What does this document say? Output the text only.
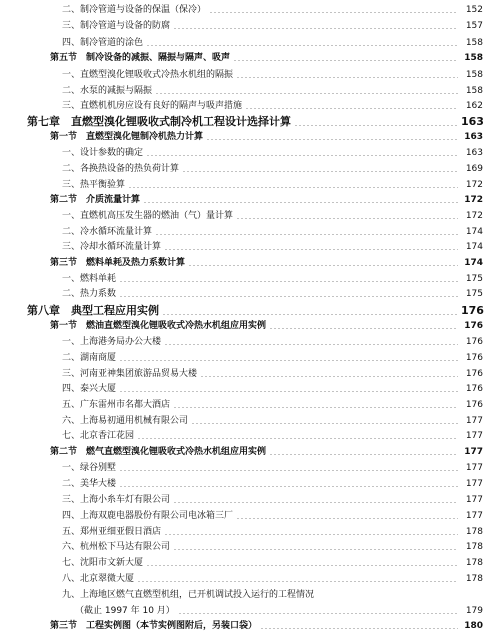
二、制冷管道与设备的保温（保冷）	152
三、制冷管道与设备的防腐	157
四、制冷管道的涂色	158
第五节　制冷设备的减振、隔振与隔声、吸声	158
一、直燃型溴化锂吸收式冷热水机组的隔振	158
二、水泵的减振与隔振	158
三、直燃机机房应设有良好的隔声与吸声措施	162
第七章　直燃型溴化锂吸收式制冷机工程设计选择计算	163
第一节　直燃型溴化锂制冷机热力计算	163
一、设计参数的确定	163
二、各换热设备的热负荷计算	169
三、热平衡验算	172
第二节　介质流量计算	172
一、直燃机高压发生器的燃油（气）量计算	172
二、冷水循环流量计算	174
三、冷却水循环流量计算	174
第三节　燃料单耗及热力系数计算	174
一、燃料单耗	175
二、热力系数	175
第八章　典型工程应用实例	176
第一节　燃油直燃型溴化锂吸收式冷热水机组应用实例	176
一、上海港务局办公大楼	176
二、湖南商厦	176
三、河南亚神集团旅游品贸易大楼	176
四、泰兴大厦	176
五、广东雷州市名都大酒店	176
六、上海易初通用机械有限公司	177
七、北京香江花园	177
第二节　燃气直燃型溴化锂吸收式冷热水机组应用实例	177
一、绿谷别墅	177
二、美华大楼	177
三、上海小糸车灯有限公司	177
四、上海双鹿电器股份有限公司电冰箱三厂	177
五、郑州亚细亚假日酒店	178
六、杭州松下马达有限公司	178
七、沈阳市文新大厦	178
八、北京翠微大厦	178
九、上海地区燃气直燃型机组，已开机调试投入运行的工程情况
（截止 1997 年 10 月）	179
第三节　工程实例图（本节实例图附后，另装口袋）	180
